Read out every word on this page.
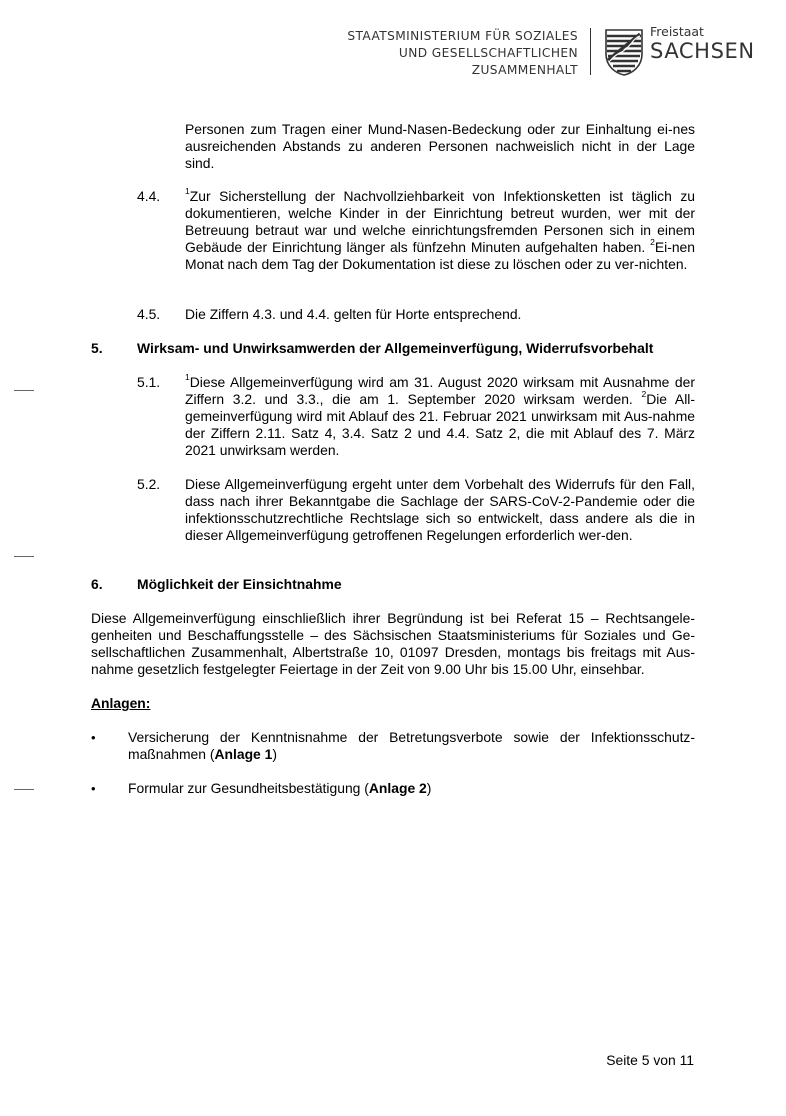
STAATSMINISTERIUM FÜR SOZIALES
UND GESELLSCHAFTLICHEN
ZUSAMMENHALT
Freistaat
SACHSEN
Personen zum Tragen einer Mund-Nasen-Bedeckung oder zur Einhaltung ei-nes ausreichenden Abstands zu anderen Personen nachweislich nicht in der Lage sind.
4.4.	$^1$Zur Sicherstellung der Nachvollziehbarkeit von Infektionsketten ist täglich zu dokumentieren, welche Kinder in der Einrichtung betreut wurden, wer mit der Betreuung betraut war und welche einrichtungsfremden Personen sich in einem Gebäude der Einrichtung länger als fünfzehn Minuten aufgehalten haben. $^2$Ei-nen Monat nach dem Tag der Dokumentation ist diese zu löschen oder zu ver-nichten.
4.5. Die Ziffern 4.3. und 4.4. gelten für Horte entsprechend.
5. Wirksam- und Unwirksamwerden der Allgemeinverfügung, Widerrufsvorbehalt
5.1.	$^1$Diese Allgemeinverfügung wird am 31. August 2020 wirksam mit Ausnahme der Ziffern 3.2. und 3.3., die am 1. September 2020 wirksam werden. $^2$Die All-gemeinverfügung wird mit Ablauf des 21. Februar 2021 unwirksam mit Aus-nahme der Ziffern 2.11. Satz 4, 3.4. Satz 2 und 4.4. Satz 2, die mit Ablauf des 7. März 2021 unwirksam werden.
5.2. Diese Allgemeinverfügung ergeht unter dem Vorbehalt des Widerrufs für den Fall, dass nach ihrer Bekanntgabe die Sachlage der SARS-CoV-2-Pandemie oder die infektionsschutzrechtliche Rechtslage sich so entwickelt, dass andere als die in dieser Allgemeinverfügung getroffenen Regelungen erforderlich wer-den.
6. Möglichkeit der Einsichtnahme
Diese Allgemeinverfügung einschließlich ihrer Begründung ist bei Referat 15 – Rechtsangele-genheiten und Beschaffungsstelle – des Sächsischen Staatsministeriums für Soziales und Ge-sellschaftlichen Zusammenhalt, Albertstraße 10, 01097 Dresden, montags bis freitags mit Aus-nahme gesetzlich festgelegter Feiertage in der Zeit von 9.00 Uhr bis 15.00 Uhr, einsehbar.
Anlagen:
• Versicherung der Kenntnisnahme der Betretungsverbote sowie der Infektionsschutz-maßnahmen (Anlage 1)
• Formular zur Gesundheitsbestätigung (Anlage 2)
Seite 5 von 11
